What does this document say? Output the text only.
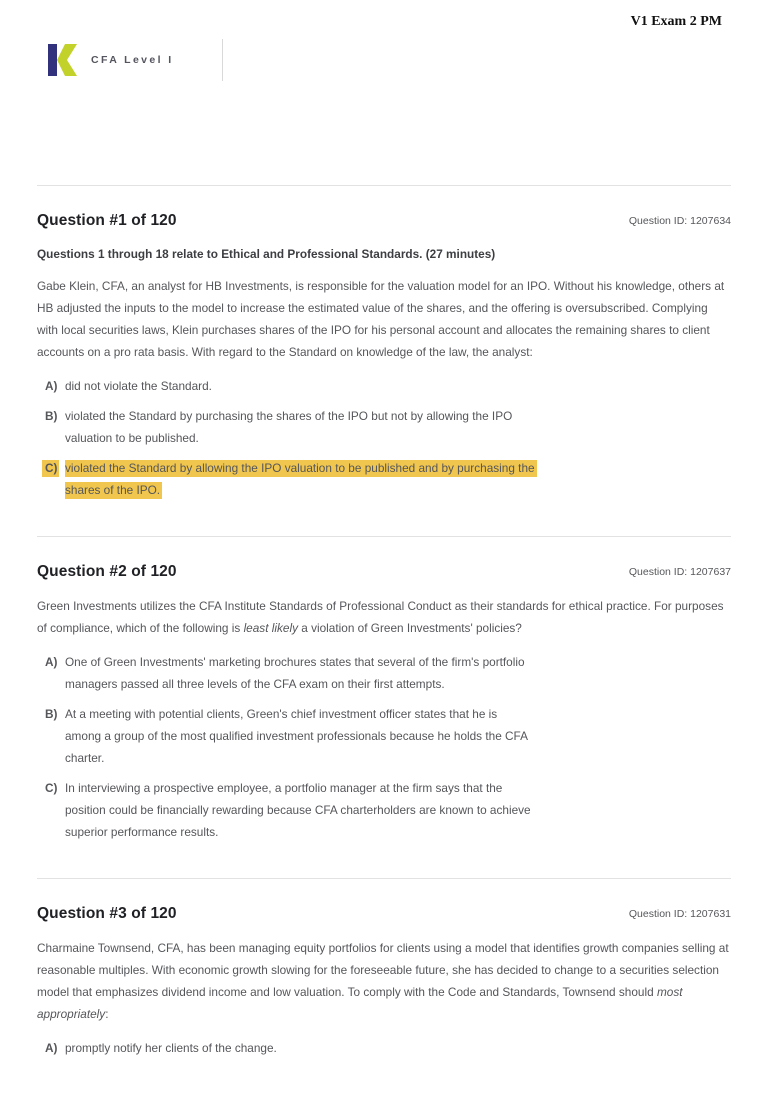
V1 Exam 2 PM
CFA Level I
Question #1 of 120	Question ID: 1207634

Questions 1 through 18 relate to Ethical and Professional Standards. (27 minutes)

Gabe Klein, CFA, an analyst for HB Investments, is responsible for the valuation model for an IPO. Without his knowledge, others at HB adjusted the inputs to the model to increase the estimated value of the shares, and the offering is oversubscribed. Complying with local securities laws, Klein purchases shares of the IPO for his personal account and allocates the remaining shares to client accounts on a pro rata basis. With regard to the Standard on knowledge of the law, the analyst:

A) did not violate the Standard.
B) violated the Standard by purchasing the shares of the IPO but not by allowing the IPO valuation to be published.
C) violated the Standard by allowing the IPO valuation to be published and by purchasing the shares of the IPO.
Question #2 of 120	Question ID: 1207637

Green Investments utilizes the CFA Institute Standards of Professional Conduct as their standards for ethical practice. For purposes of compliance, which of the following is least likely a violation of Green Investments' policies?

A) One of Green Investments' marketing brochures states that several of the firm's portfolio managers passed all three levels of the CFA exam on their first attempts.
B) At a meeting with potential clients, Green's chief investment officer states that he is among a group of the most qualified investment professionals because he holds the CFA charter.
C) In interviewing a prospective employee, a portfolio manager at the firm says that the position could be financially rewarding because CFA charterholders are known to achieve superior performance results.
Question #3 of 120	Question ID: 1207631

Charmaine Townsend, CFA, has been managing equity portfolios for clients using a model that identifies growth companies selling at reasonable multiples. With economic growth slowing for the foreseeable future, she has decided to change to a securities selection model that emphasizes dividend income and low valuation. To comply with the Code and Standards, Townsend should most appropriately:

A) promptly notify her clients of the change.
